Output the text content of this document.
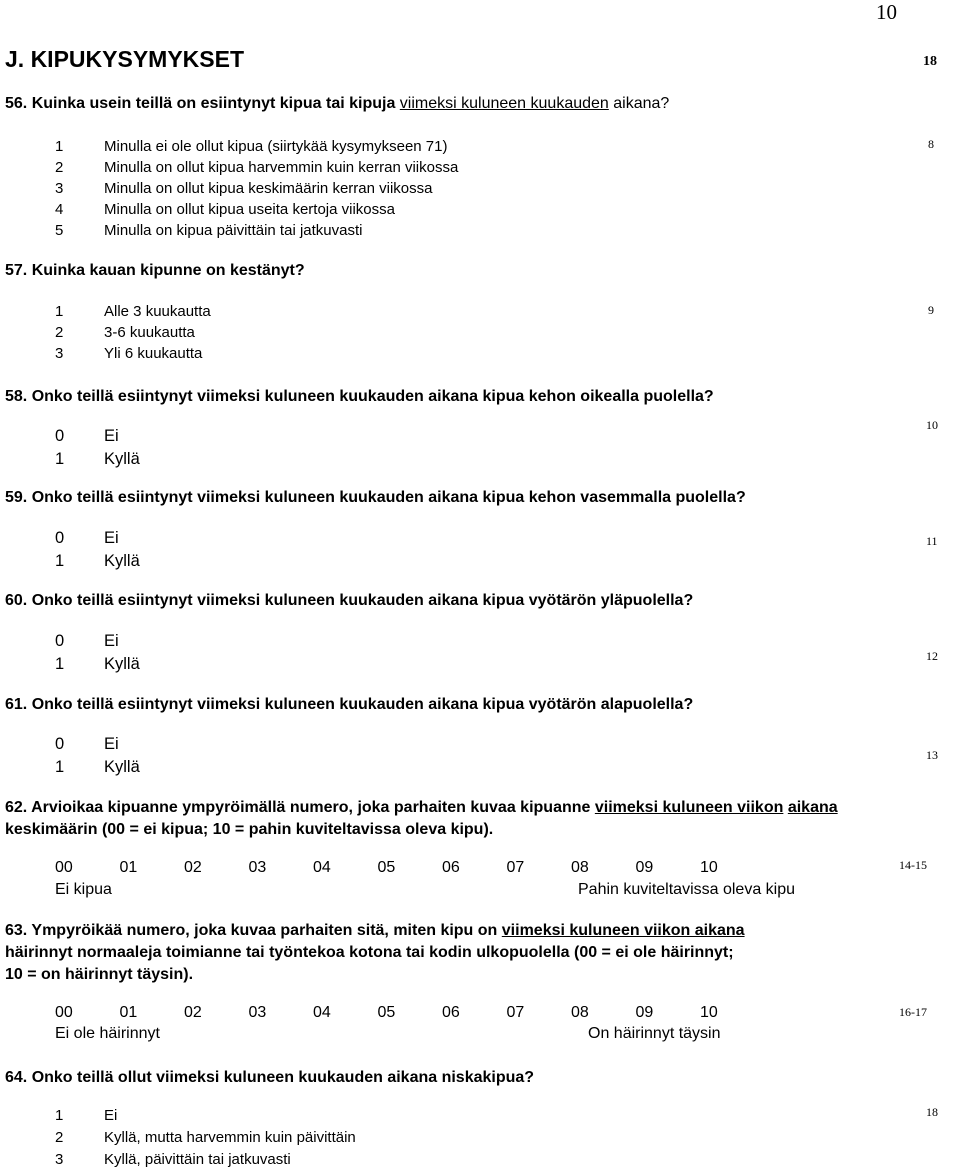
10
J. KIPUKYSYMYKSET	18
56. Kuinka usein teillä on esiintynyt kipua tai kipuja viimeksi kuluneen kuukauden aikana?
8
1	Minulla ei ole ollut kipua (siirtykää kysymykseen 71)
2	Minulla on ollut kipua harvemmin kuin kerran viikossa
3	Minulla on ollut kipua keskimäärin kerran viikossa
4	Minulla on ollut kipua useita kertoja viikossa
5	Minulla on kipua päivittäin tai jatkuvasti
57. Kuinka kauan kipunne on kestänyt?
9
1	Alle 3 kuukautta
2	3-6 kuukautta
3	Yli 6 kuukautta
58. Onko teillä esiintynyt viimeksi kuluneen kuukauden aikana kipua kehon oikealla puolella?
10
0 Ei
1 Kyllä
59. Onko teillä esiintynyt viimeksi kuluneen kuukauden aikana kipua kehon vasemmalla puolella?
11
0 Ei
1 Kyllä
60. Onko teillä esiintynyt viimeksi kuluneen kuukauden aikana kipua vyötärön yläpuolella?
12
0 Ei
1 Kyllä
61. Onko teillä esiintynyt viimeksi kuluneen kuukauden aikana kipua vyötärön alapuolella?
13
0 Ei
1 Kyllä
62. Arvioikaa kipuanne ympyröimällä numero, joka parhaiten kuvaa kipuanne viimeksi kuluneen viikon aikana keskimäärin (00 = ei kipua; 10 = pahin kuviteltavissa oleva kipu).
14-15
00	01	02	03	04	05	06	07	08	09	10
Ei kipua	Pahin kuviteltavissa oleva kipu
63. Ympyröikää numero, joka kuvaa parhaiten sitä, miten kipu on viimeksi kuluneen viikon aikana
häirinnyt normaaleja toimianne tai työntekoa kotona tai kodin ulkopuolella (00 = ei ole häirinnyt;
10 = on häirinnyt täysin).
16-17
00	01	02	03	04	05	06	07	08	09	10
Ei ole häirinnyt	On häirinnyt täysin
64. Onko teillä ollut viimeksi kuluneen kuukauden aikana niskakipua?
18
1	Ei
2	Kyllä, mutta harvemmin kuin päivittäin
3	Kyllä, päivittäin tai jatkuvasti
